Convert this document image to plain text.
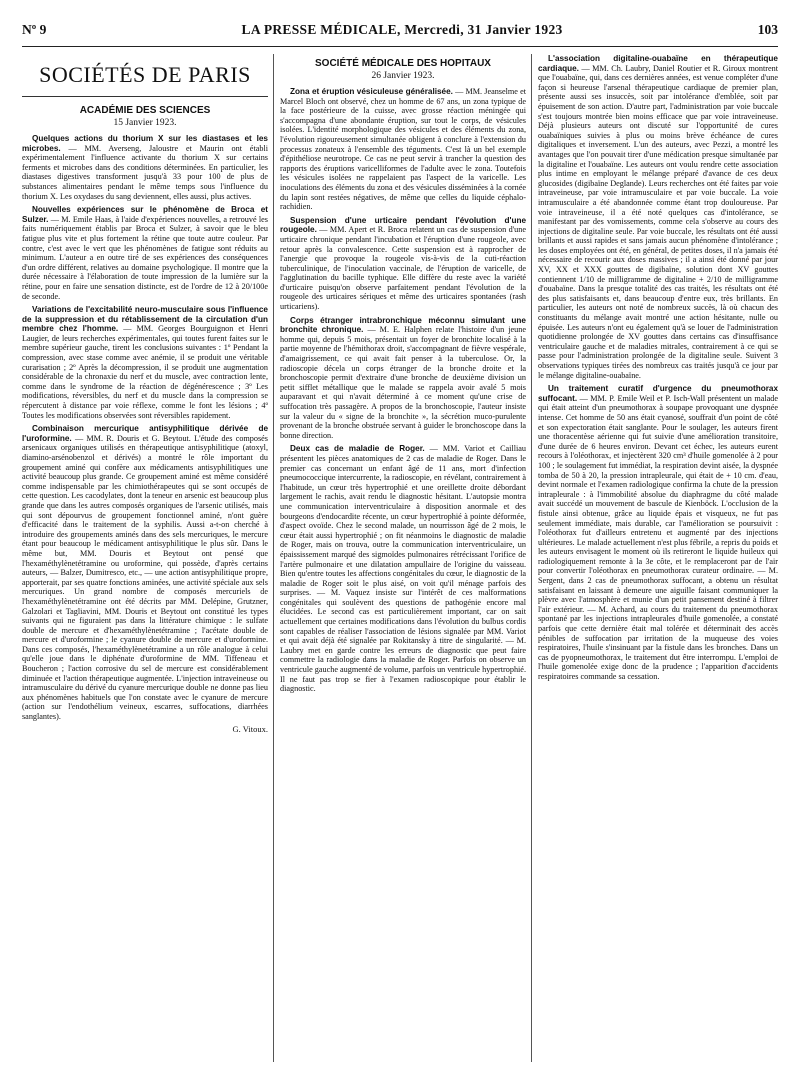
Nº 9	LA PRESSE MÉDICALE, Mercredi, 31 Janvier 1923	103
SOCIÉTÉS DE PARIS
ACADÉMIE DES SCIENCES
15 Janvier 1923.

Quelques actions du thorium X sur les diastases et les microbes. — MM. Averseng, Jaloustre et Maurin ont établi expérimentalement l'influence activante du thorium X sur certains ferments et microbes dans des conditions déterminées. En particulier, les diastases digestives transforment jusqu'à 33 pour 100 de plus de substances alimentaires pendant le même temps sous l'influence du thorium X. Les oxydases du sang deviennent, elles aussi, plus actives.

Nouvelles expériences sur le phénomène de Broca et Sulzer. — M. Emile Haas, à l'aide d'expériences nouvelles, a retrouvé les faits numériquement établis par Broca et Sulzer, à savoir que le bleu fatigue plus vite et plus fortement la rétine que toute autre couleur. Par contre, c'est avec le vert que les phénomènes de fatigue sont réduits au minimum. L'auteur a en outre tiré de ses expériences des conséquences d'un ordre différent, relatives au domaine psychologique. Il montre que la durée nécessaire à l'élaboration de toute impression de la lumière sur la rétine, pour en faire une sensation distincte, est de l'ordre de 12 à 20/100e de seconde.

Variations de l'excitabilité neuro-musculaire sous l'influence de la suppression et du rétablissement de la circulation d'un membre chez l'homme. — MM. Georges Bourguignon et Henri Laugier, de leurs recherches expérimentales, qui toutes furent faites sur le membre supérieur gauche, tirent les conclusions suivantes : 1º Pendant la compression, avec stase comme avec anémie, il se produit une véritable curarisation ; 2º Après la décompression, il se produit une augmentation considérable de la chronaxie du nerf et du muscle, avec contraction lente, comme dans le syndrome de la réaction de dégénérescence ; 3º Les modifications, réversibles, du nerf et du muscle dans la compression se répercutent à distance par voie réflexe, comme le font les lésions ; 4º Toutes les modifications observées sont réversibles rapidement.

Combinaison mercurique antisyphilitique dérivée de l'uroformine. — MM. R. Douris et G. Beytout. L'étude des composés arsenicaux organiques utilisés en thérapeutique antisyphilitique (atoxyl, diamino-arsénobenzol et dérivés) a montré le rôle important du groupement aminé qui confère aux médicaments antisyphilitiques une activité beaucoup plus grande. Ce groupement aminé est même considéré comme indispensable par les chimiothérapeutes qui se sont occupés de cette question. Les cacodylates, dont la teneur en arsenic est beaucoup plus grande que dans les autres composés organiques de l'arsenic utilisés, mais qui sont dépourvus de groupement fonctionnel aminé, n'ont guère d'efficacité dans le traitement de la syphilis. Aussi a-t-on cherché à introduire des groupements aminés dans des sels mercuriques, le mercure étant pour beaucoup le médicament antisyphilitique le plus sûr. Dans le même but, MM. Douris et Beytout ont pensé que l'hexaméthylènetétramine ou uroformine, qui possède, d'après certains auteurs, — Balzer, Dumitresco, etc., — une action antisyphilitique propre, apporterait, par ses quatre fonctions aminées, une activité spéciale aux sels mercuriques. Un grand nombre de composés mercuriels de l'hexaméthylènetétramine ont été décrits par MM. Delépine, Grutzner, Galzolari et Tagliavini, MM. Douris et Beytout ont constitué les types suivants qui ne figuraient pas dans la littérature chimique : le sulfate double de mercure et d'hexaméthylènetétramine ; l'acétate double de mercure et d'uroformine ; le cyanure double de mercure et d'uroformine. Dans ces composés, l'hexaméthylènetétramine a un rôle analogue à celui qu'elle joue dans le diphénate d'uroformine de MM. Tiffeneau et Boucheron ; l'action corrosive du sel de mercure est considérablement diminuée et l'action thérapeutique augmentée. L'injection intraveineuse ou intramusculaire du dérivé du cyanure mercurique double ne donne pas lieu aux phénomènes habituels que l'on constate avec le cyanure de mercure (action sur l'endothélium veineux, escarres, suffocations, diarrhées sanglantes).

G. Vitoux.
SOCIÉTÉ MÉDICALE DES HOPITAUX
26 Janvier 1923.

Zona et éruption vésiculeuse généralisée. — MM. Jeanselme et Marcel Bloch ont observé, chez un homme de 67 ans, un zona typique de la face postérieure de la cuisse, avec grosse réaction méningée qui s'accompagna d'une abondante éruption, sur tout le corps, de vésicules isolées. L'identité morphologique des vésicules et des éléments du zona, l'évolution rigoureusement simultanée obligent à conclure à l'extension du processus zonateux à l'ensemble des téguments. C'est là un bel exemple d'épithéliose neurotrope. Ce cas ne peut servir à trancher la question des rapports des éruptions varicelliformes de l'adulte avec le zona. Toutefois les vésicules isolées ne rappelaient pas l'aspect de la varicelle. Les inoculations des éléments du zona et des vésicules disséminées à la cornée du lapin sont restées négatives, de même que celles du liquide céphalo-rachidien.

Suspension d'une urticaire pendant l'évolution d'une rougeole. — MM. Apert et R. Broca relatent un cas de suspension d'une urticaire chronique pendant l'incubation et l'éruption d'une rougeole, avec retour après la convalescence. Cette suspension est à rapprocher de l'anergie que provoque la rougeole vis-à-vis de la cuti-réaction tuberculinique, de l'inoculation vaccinale, de l'éruption de varicelle, de l'agglutination du bacille typhique. Elle diffère du reste avec la variété d'urticaire puisqu'on observe parfaitement pendant l'évolution de la rougeole des urticaires sériques et même des urticaires spontanées (rash urticariens).

Corps étranger intrabronchique méconnu simulant une bronchite chronique. — M. E. Halphen relate l'histoire d'un jeune homme qui, depuis 5 mois, présentait un foyer de bronchite localisé à la partie moyenne de l'hémithorax droit, s'accompagnant de fièvre vespérale, d'amaigrissement, ce qui avait fait penser à la tuberculose. Or, la radioscopie décela un corps étranger de la bronche droite et la bronchoscopie permit d'extraire d'une bronche de deuxième division un petit sifflet métallique que le malade se rappela avoir avalé 5 mois auparavant et qui n'avait déterminé à ce moment qu'une crise de suffocation très passagère. A propos de la bronchoscopie, l'auteur insiste sur la valeur du « signe de la bronchite », la sécrétion muco-purulente provenant de la bronche obstruée servant à guider le bronchoscope dans la bonne direction.

Deux cas de maladie de Roger. — MM. Variot et Cailliau présentent les pièces anatomiques de 2 cas de maladie de Roger. Dans le premier cas concernant un enfant âgé de 11 ans, mort d'infection pneumococcique intercurrente, la radioscopie, en révélant, contrairement à l'habitude, un cœur très hypertrophié et une oreillette droite débordant largement le rachis, avait rendu le diagnostic hésitant. L'autopsie montra une communication interventriculaire à disposition anormale et des bourgeons d'endocardite récente, un cœur hypertrophié à pointe déformée, d'aspect ovoïde. Chez le second malade, un nourrisson âgé de 2 mois, le cœur était aussi hypertrophié ; on fit néanmoins le diagnostic de maladie de Roger, mais on trouva, outre la communication interventriculaire, un épaississement marqué des sigmoïdes pulmonaires rétrécissant l'orifice de l'artère pulmonaire et une dilatation ampullaire de l'origine du vaisseau. Bien qu'entre toutes les affections congénitales du cœur, le diagnostic de la maladie de Roger soit le plus aisé, on voit qu'il ménage parfois des surprises. — M. Vaquez insiste sur l'intérêt de ces malformations congénitales qui soulèvent des questions de pathogénie encore mal élucidées. Le second cas est particulièrement important, car on sait actuellement que certaines modifications dans l'évolution du bulbus cordis sont capables de réaliser l'association de lésions signalée par MM. Variot et qui avait déjà été signalée par Rokitansky à titre de singularité. — M. Laubry met en garde contre les erreurs de diagnostic que peut faire commettre la radiologie dans la maladie de Roger. Parfois on observe un ventricule gauche augmenté de volume, parfois un ventricule hypertrophié. Il ne faut pas trop se fier à l'examen radioscopique pour établir le diagnostic.

L'association digitaline-ouabaïne en thérapeutique cardiaque. — MM. Ch. Laubry, Daniel Routier et R. Giroux montrent que l'ouabaïne, qui, dans ces dernières années, est venue compléter d'une façon si heureuse l'arsenal thérapeutique cardiaque de premier plan, présente aussi ses insuccès, soit par intolérance d'emblée, soit par épuisement de son action. D'autre part, l'administration par voie buccale s'est toujours montrée bien moins efficace que par voie intraveineuse. Déjà plusieurs auteurs ont discuté sur l'opportunité de cures ouabaïniques suivies à plus ou moins brève échéance de cures digitaliques et inversement. L'un des auteurs, avec Pezzi, a montré les avantages que l'on pouvait tirer d'une médication presque simultanée par la digitaline et l'ouabaïne. Les auteurs ont voulu rendre cette association plus intime en employant le mélange préparé d'avance de ces deux glucosides (digibaïne Deglande). Leurs recherches ont été faites par voie intraveineuse, par voie intramusculaire et par voie buccale. La voie intramusculaire a été abandonnée comme étant trop douloureuse. Par voie intraveineuse, il a été noté quelques cas d'intolérance, se manifestant par des vomissements, comme cela s'observe au cours des injections de digitaline seule. Par voie buccale, les résultats ont été aussi brillants et aussi rapides et sans jamais aucun phénomène d'intolérance ; les doses employées ont été, en général, de petites doses, il n'a jamais été nécessaire de recourir aux doses massives ; il a ainsi été donné par jour XV, XX et XXX gouttes de digibaïne, solution dont XV gouttes contiennent 1/10 de milligramme de digitaline + 2/10 de milligramme d'ouabaïne. Dans la presque totalité des cas traités, les résultats ont été des plus satisfaisants et, dans beaucoup d'entre eux, très brillants. En particulier, les auteurs ont noté de nombreux succès, là où chacun des constituants du mélange avait montré une action hésitante, nulle ou épuisée. Les auteurs n'ont eu également qu'à se louer de l'administration quotidienne prolongée de XV gouttes dans certains cas d'insuffisance ventriculaire gauche et de maladies mitrales, contrairement à ce qui se passe pour l'administration prolongée de la digitaline seule. Suivent 3 observations typiques tirées des nombreux cas traités jusqu'à ce jour par le mélange digitaline-ouabaïne.

Un traitement curatif d'urgence du pneumothorax suffocant. — MM. P. Emile Weil et P. Isch-Wall présentent un malade qui était atteint d'un pneumothorax à soupape provoquant une dyspnée intense. Cet homme de 50 ans était cyanosé, souffrait d'un point de côté et son expectoration était sanglante. Pour le soulager, les auteurs firent une thoracentèse aérienne qui fut suivie d'une amélioration transitoire, d'une durée de 6 heures environ. Devant cet échec, les auteurs eurent recours à l'oléothorax, et injectèrent 320 cm³ d'huile gomenolée à 2 pour 100 ; le soulagement fut immédiat, la respiration devint aisée, la dyspnée tomba de 50 à 20, la pression intrapleurale, qui était de + 10 cm. d'eau, devint normale et l'examen radiologique confirma la chute de la pression intrapleurale : à l'immobilité absolue du diaphragme du côté malade avait succédé un mouvement de bascule de Kienböck. L'occlusion de la fistule ainsi obtenue, grâce au liquide épais et visqueux, ne fut pas seulement immédiate, mais durable, car l'amélioration se poursuivit : l'oléothorax fut d'ailleurs entretenu et augmenté par des injections ultérieures. Le malade actuellement n'est plus fébrile, a repris du poids et les auteurs envisagent le moment où ils retireront le liquide huileux qui radiologiquement remonte à la 3e côte, et le remplaceront par de l'air pour convertir l'oléothorax en pneumothorax curateur ordinaire. — M. Sergent, dans 2 cas de pneumothorax suffocant, a obtenu un résultat satisfaisant en laissant à demeure une aiguille faisant communiquer la plèvre avec l'atmosphère et munie d'un petit pansement destiné à filtrer l'air extérieur. — M. Achard, au cours du traitement du pneumothorax spontané par les injections intrapleurales d'huile gomenolée, a constaté parfois que cette dernière était mal tolérée et déterminait des accès pénibles de suffocation par irritation de la muqueuse des voies respiratoires, l'huile s'insinuant par la fistule dans les bronches. Dans un cas de pyopneumothorax, le traitement dut être interrompu. L'emploi de l'huile gomenolée exige donc de la prudence ; l'apparition d'accidents respiratoires commande sa cessation.
